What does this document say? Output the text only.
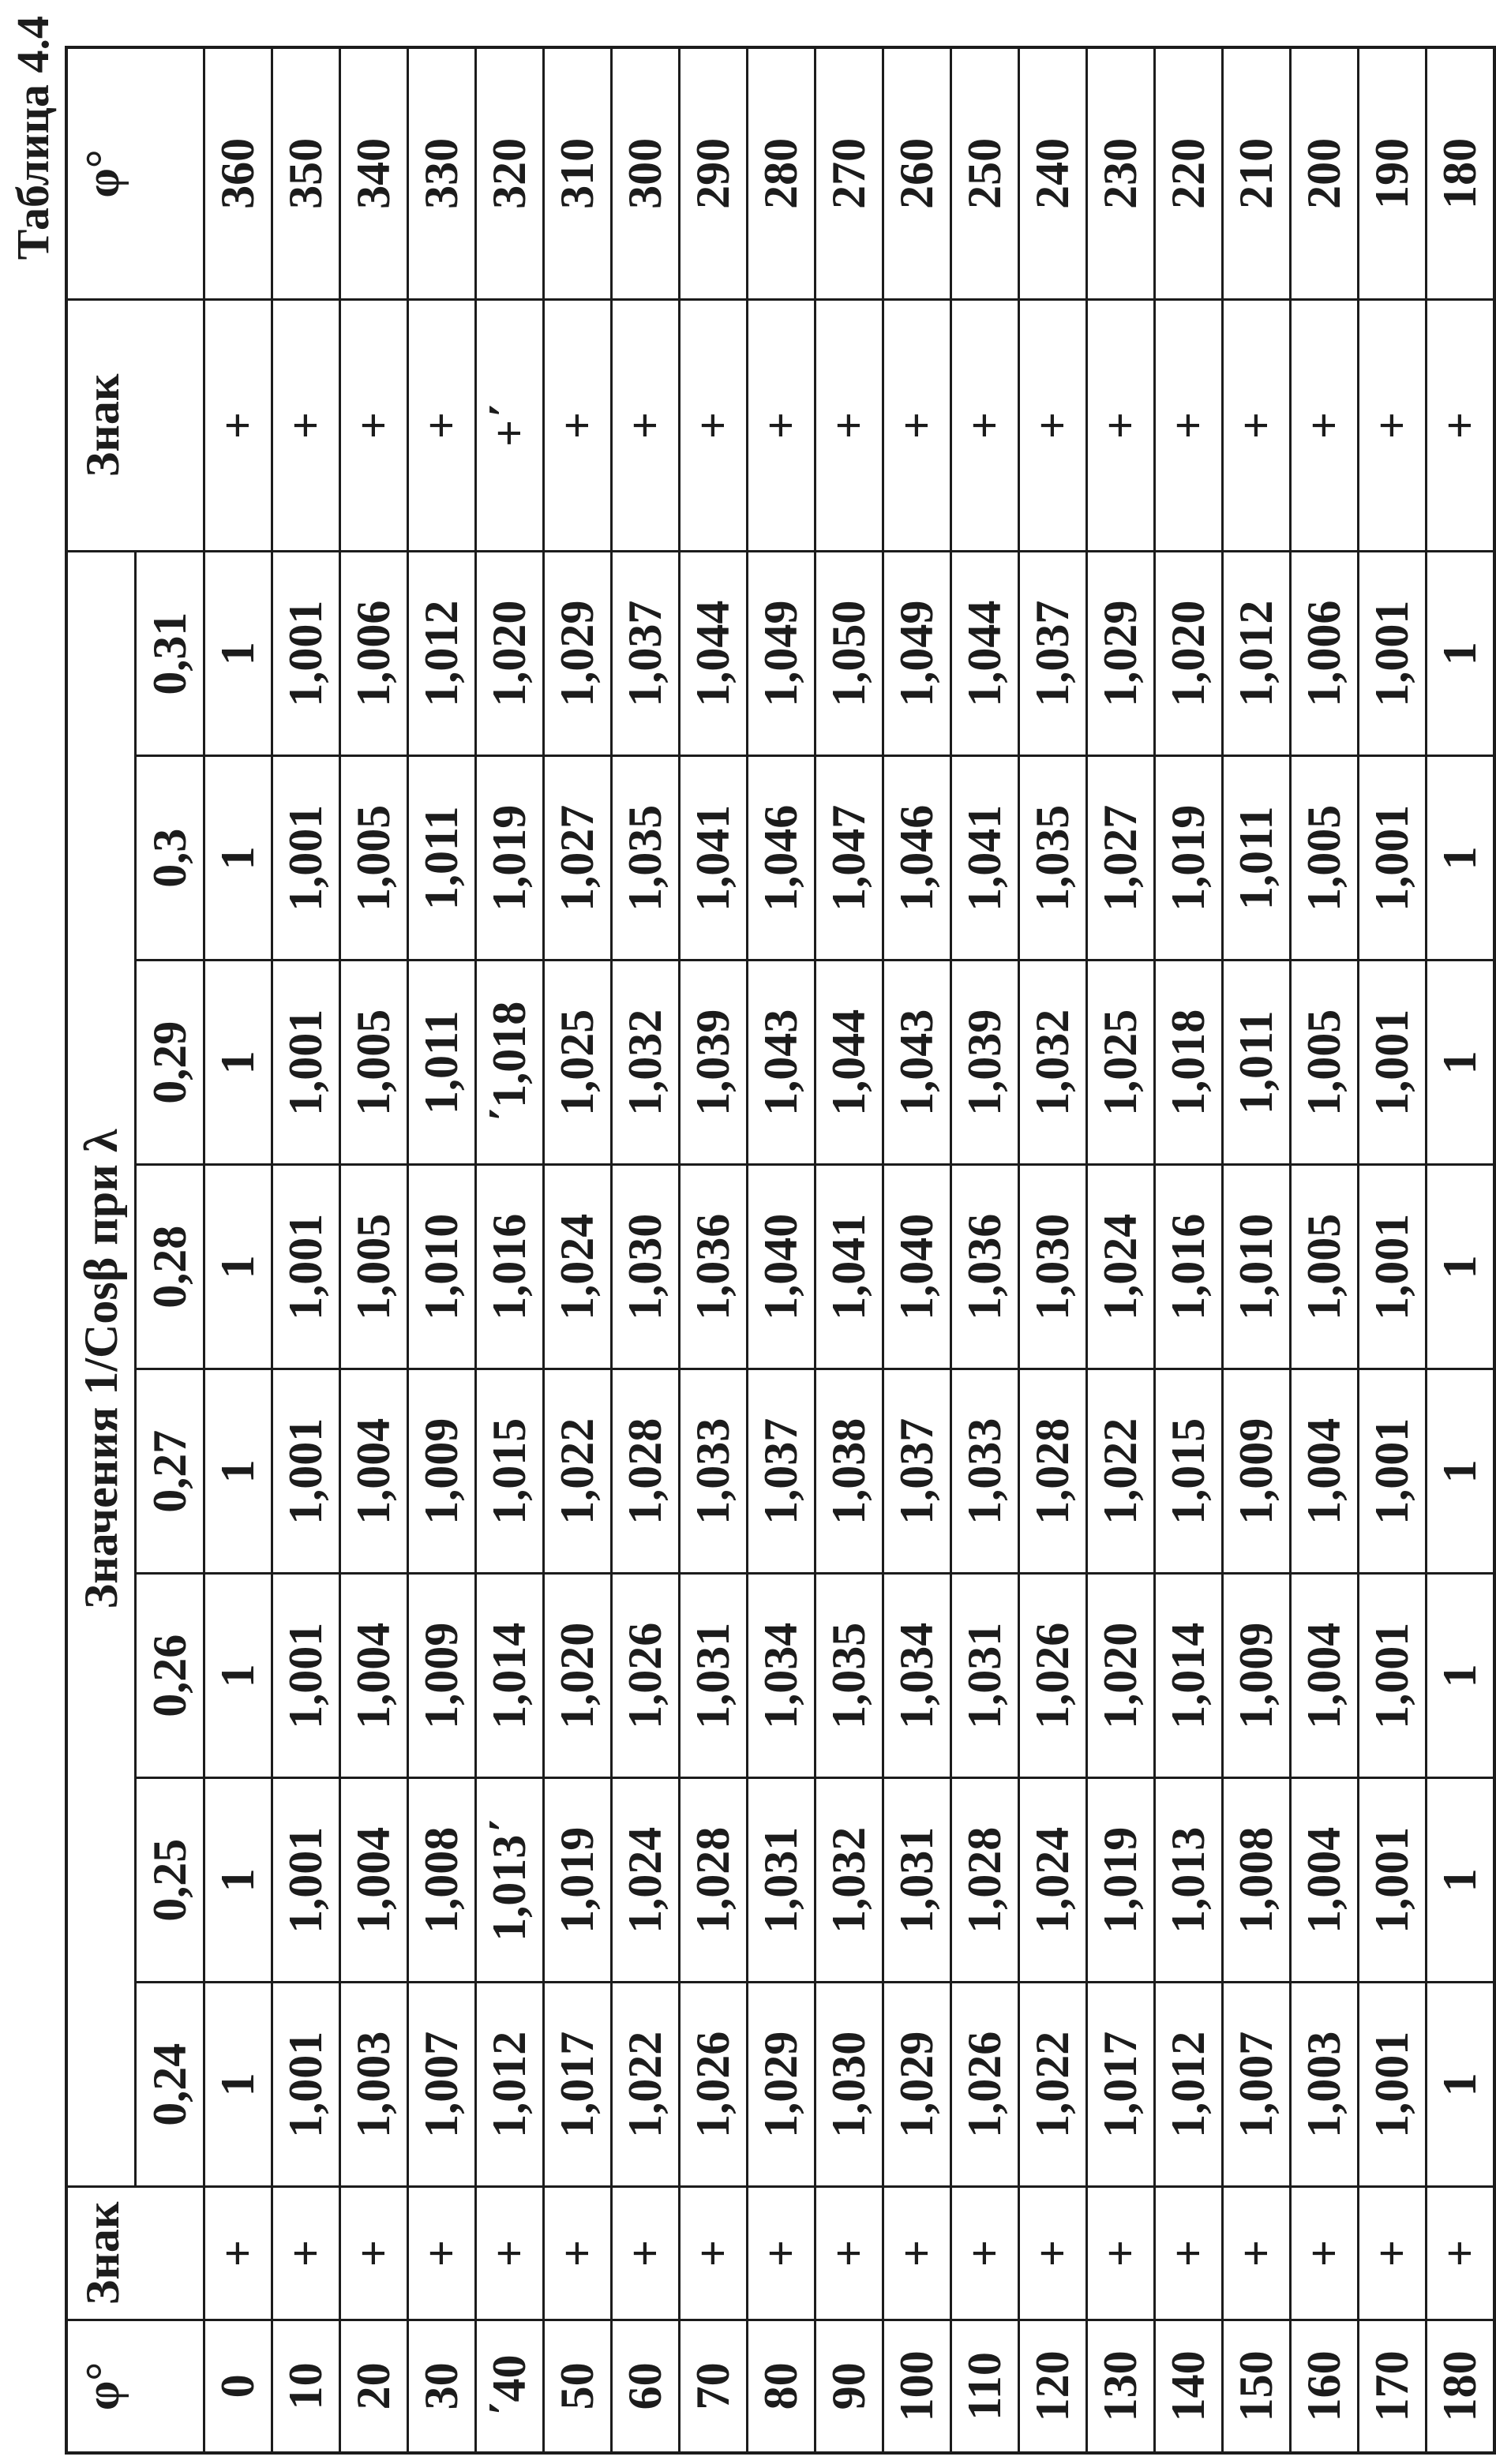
Таблица 4.4
φ°	Знак	Значения 1/Cosβ при λ								Знак	φ°
		0,24	0,25	0,26	0,27	0,28	0,29	0,3	0,31		
0	+	1	1	1	1	1	1	1	1	+	360
10	+	1,001	1,001	1,001	1,001	1,001	1,001	1,001	1,001	+	350
20	+	1,003	1,004	1,004	1,004	1,005	1,005	1,005	1,006	+	340
30	+	1,007	1,008	1,009	1,009	1,010	1,011	1,011	1,012	+	330
΄40	+	1,012	1,013΄	1,014	1,015	1,016	΄1,018	1,019	1,020	+΄	320
50	+	1,017	1,019	1,020	1,022	1,024	1,025	1,027	1,029	+	310
60	+	1,022	1,024	1,026	1,028	1,030	1,032	1,035	1,037	+	300
70	+	1,026	1,028	1,031	1,033	1,036	1,039	1,041	1,044	+	290
80	+	1,029	1,031	1,034	1,037	1,040	1,043	1,046	1,049	+	280
90	+	1,030	1,032	1,035	1,038	1,041	1,044	1,047	1,050	+	270
100	+	1,029	1,031	1,034	1,037	1,040	1,043	1,046	1,049	+	260
110	+	1,026	1,028	1,031	1,033	1,036	1,039	1,041	1,044	+	250
120	+	1,022	1,024	1,026	1,028	1,030	1,032	1,035	1,037	+	240
130	+	1,017	1,019	1,020	1,022	1,024	1,025	1,027	1,029	+	230
140	+	1,012	1,013	1,014	1,015	1,016	1,018	1,019	1,020	+	220
150	+	1,007	1,008	1,009	1,009	1,010	1,011	1,011	1,012	+	210
160	+	1,003	1,004	1,004	1,004	1,005	1,005	1,005	1,006	+	200
170	+	1,001	1,001	1,001	1,001	1,001	1,001	1,001	1,001	+	190
180	+	1	1	1	1	1	1	1	1	+	180
